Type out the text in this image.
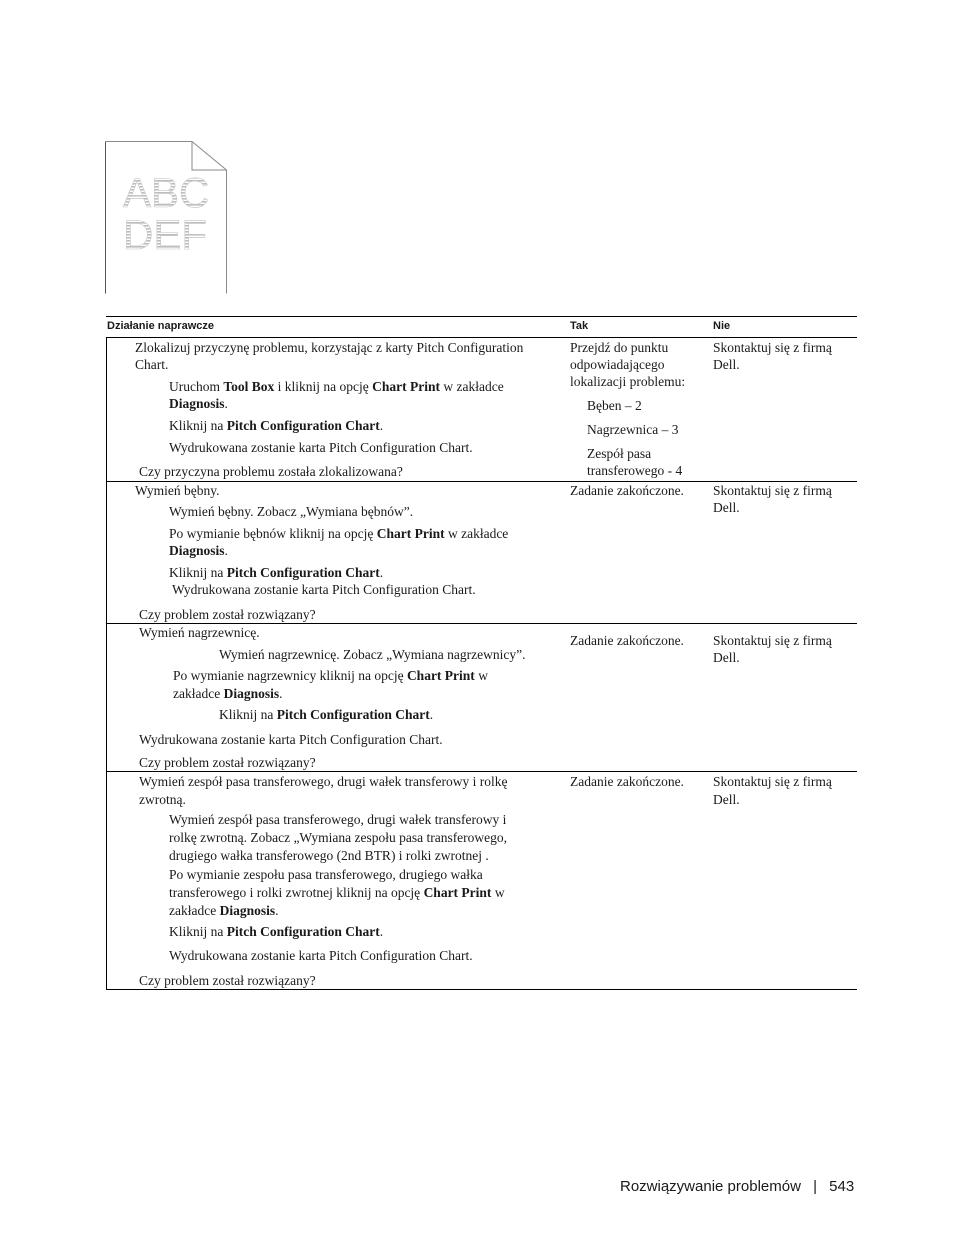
ABC
DEF
Działanie naprawcze	Tak	Nie
Zlokalizuj przyczynę problemu, korzystając z karty Pitch Configuration
Chart.
Uruchom Tool Box i kliknij na opcję Chart Print w zakładce
Diagnosis.
Kliknij na Pitch Configuration Chart.
Wydrukowana zostanie karta Pitch Configuration Chart.
Czy przyczyna problemu została zlokalizowana?
Przejdź do punktu
odpowiadającego
lokalizacji problemu:
Bęben – 2
Nagrzewnica – 3
Zespół pasa
transferowego - 4
Skontaktuj się z firmą
Dell.
Wymień bębny.
Wymień bębny. Zobacz „Wymiana bębnów”.
Po wymianie bębnów kliknij na opcję Chart Print w zakładce
Diagnosis.
Kliknij na Pitch Configuration Chart.
Wydrukowana zostanie karta Pitch Configuration Chart.
Czy problem został rozwiązany?
Zadanie zakończone. Skontaktuj się z firmą
Dell.
Wymień nagrzewnicę.
Wymień nagrzewnicę. Zobacz „Wymiana nagrzewnicy”.
Po wymianie nagrzewnicy kliknij na opcję Chart Print w
zakładce Diagnosis.
Kliknij na Pitch Configuration Chart.
Wydrukowana zostanie karta Pitch Configuration Chart.
Czy problem został rozwiązany?
Zadanie zakończone. Skontaktuj się z firmą
Dell.
Wymień zespół pasa transferowego, drugi wałek transferowy i rolkę
zwrotną.
Wymień zespół pasa transferowego, drugi wałek transferowy i
rolkę zwrotną. Zobacz „Wymiana zespołu pasa transferowego,
drugiego wałka transferowego (2nd BTR) i rolki zwrotnej .
Po wymianie zespołu pasa transferowego, drugiego wałka
transferowego i rolki zwrotnej kliknij na opcję Chart Print w
zakładce Diagnosis.
Kliknij na Pitch Configuration Chart.
Wydrukowana zostanie karta Pitch Configuration Chart.
Czy problem został rozwiązany?
Zadanie zakończone. Skontaktuj się z firmą
Dell.
Rozwiązywanie problemów | 543
